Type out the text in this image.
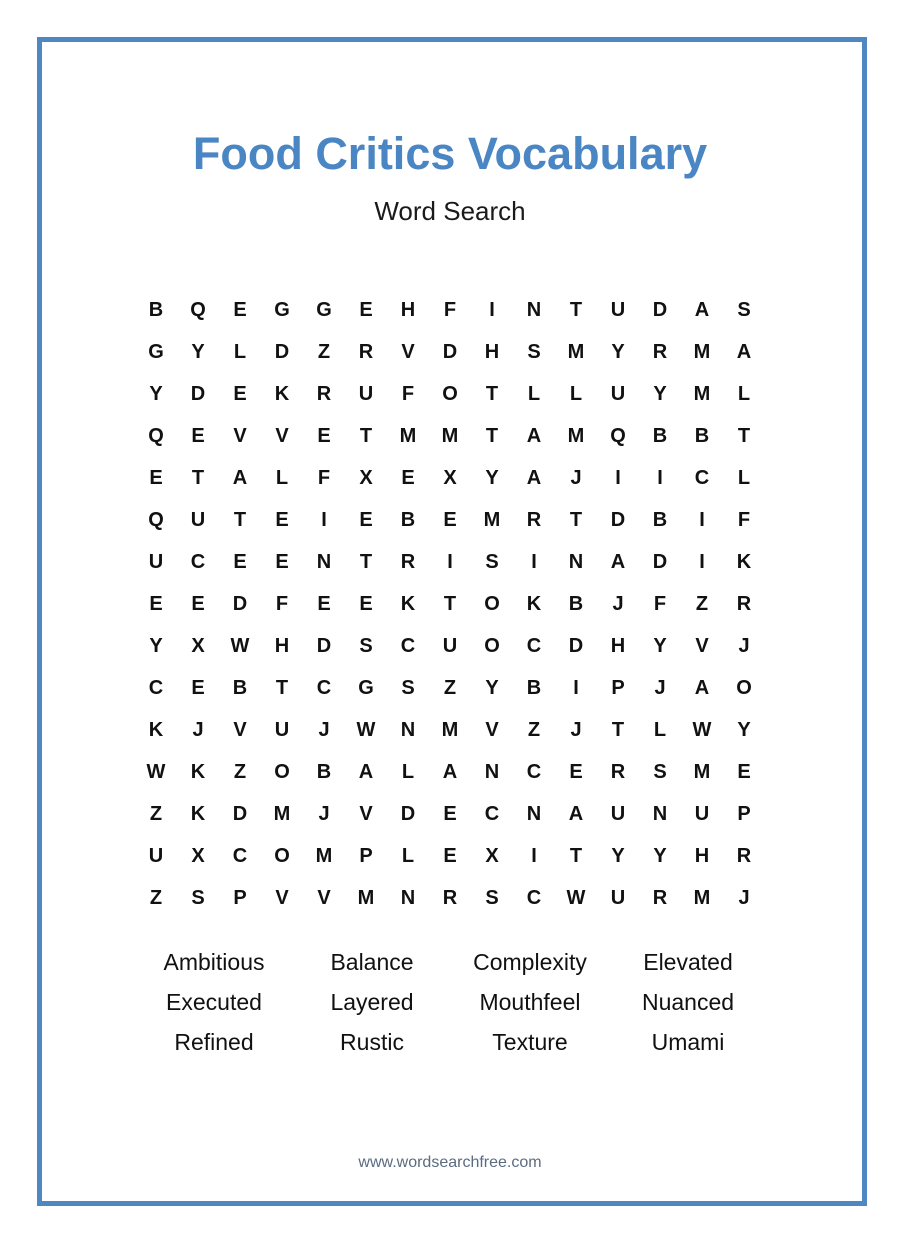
Food Critics Vocabulary
Word Search
B	Q	E	G	G	E	H	F	I	N	T	U	D	A	S
G	Y	L	D	Z	R	V	D	H	S	M	Y	R	M	A
Y	D	E	K	R	U	F	O	T	L	L	U	Y	M	L
Q	E	V	V	E	T	M	M	T	A	M	Q	B	B	T
E	T	A	L	F	X	E	X	Y	A	J	I	I	C	L
Q	U	T	E	I	E	B	E	M	R	T	D	B	I	F
U	C	E	E	N	T	R	I	S	I	N	A	D	I	K
E	E	D	F	E	E	K	T	O	K	B	J	F	Z	R
Y	X	W	H	D	S	C	U	O	C	D	H	Y	V	J
C	E	B	T	C	G	S	Z	Y	B	I	P	J	A	O
K	J	V	U	J	W	N	M	V	Z	J	T	L	W	Y
W	K	Z	O	B	A	L	A	N	C	E	R	S	M	E
Z	K	D	M	J	V	D	E	C	N	A	U	N	U	P
U	X	C	O	M	P	L	E	X	I	T	Y	Y	H	R
Z	S	P	V	V	M	N	R	S	C	W	U	R	M	J
Ambitious	Balance	Complexity	Elevated
Executed	Layered	Mouthfeel	Nuanced
Refined	Rustic	Texture	Umami
www.wordsearchfree.com
